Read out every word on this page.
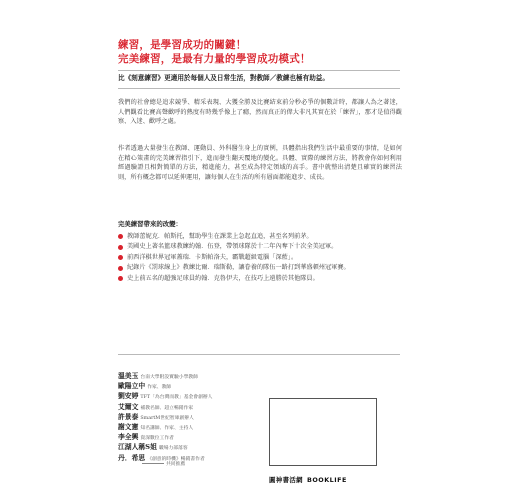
練習，是學習成功的關鍵！
完美練習，是最有力量的學習成功模式！
比《刻意練習》更適用於每個人及日常生活，對教師／教練也極有助益。
我們的社會總是追求競爭、精采表現、大獲全勝及比賽結束前分秒必爭的個數計時，都讓人為之著迷，人們觀看比賽高聲歡呼的熱度有時幾乎像上了癮，然而真正的偉大非凡其實在於「練習」，那才是值得觀察、入迷、歡呼之處。
作者透過大量發生在教師、運動員、外科醫生身上的實例，具體指出我們生活中最重要的事情，是如何在精心策畫的完美練習指引下，進而發生翻天覆地的變化。具體、實際的練習方法，將教會你如何利用經過驗證且相對簡單的方法，精進能力，甚至成為特定領域的高手。書中就整出清楚且確實的練習法則，所有概念都可以延伸運用，讓每個人在生活的所有層面都能進步、成長。
完美練習帶來的改變：
教師蕾妮克．帕斯托，幫助學生在課業上急起直追，甚至名列前茅。
美國史上著名籃球教練約翰．伍登，帶領球隊於十二年內奪下十次全美冠軍。
前西洋棋世界冠軍蓋瑞．卡斯帕洛夫，霸戰超級電腦「深藍」。
紀錄片《罰球線上》教練比爾．瑞斯勒，讓眷養的隊伍一路打到華盛頓州冠軍賽。
史上前五名的超強足球員約翰．克魯伊夫，在技巧上遠勝於其他隊員。
溫美玉 台南大學附設實驗小學教師
歐陽立中 作家、教師
劉安婷 TFT「為台灣而教」基金會創辦人
艾爾文 補教名師、超立暢銷作家
許景泰 SmartM世紀智庫創辦人
謝文憲 知名講師、作家、主持人
李全興 資深數位工作者
江湖人稱S姐 職場力部落客
丹．希思 《創意的時機》暢銷書作者
共同推薦
圓神書活網 BOOKLIFE
